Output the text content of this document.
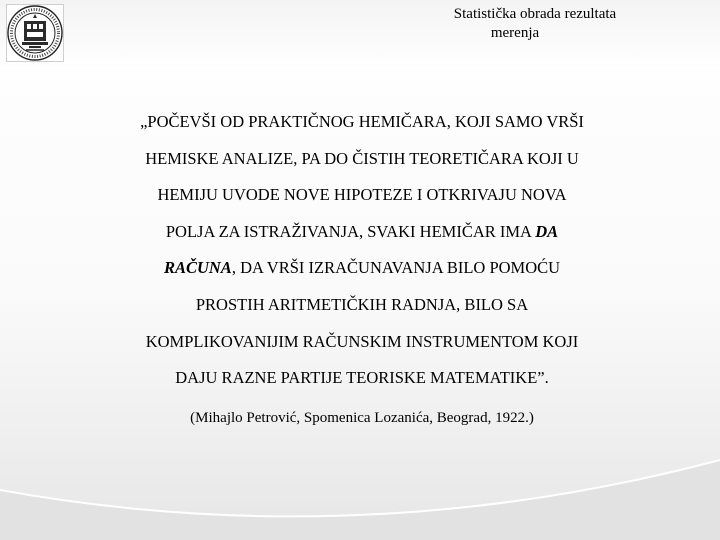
Statistička obrada rezultata
merenja
„POČEVŠI OD PRAKTIČNOG HEMIČARA, KOJI SAMO VRŠI
HEMISKE ANALIZE, PA DO ČISTIH TEORETIČARA KOJI U
HEMIJU UVODE NOVE HIPOTEZE I OTKRIVAJU NOVA
POLJA ZA ISTRAŽIVANJA, SVAKI HEMIČAR IMA DA
RAČUNA, DA VRŠI IZRAČUNAVANJA BILO POMOĆU
PROSTIH ARITMETIČKIH RADNJA, BILO SA
KOMPLIKOVANIJIM RAČUNSKIM INSTRUMENTOM KOJI
DAJU RAZNE PARTIJE TEORISKE MATEMATIKE”.
(Mihajlo Petrović, Spomenica Lozanića, Beograd, 1922.)
